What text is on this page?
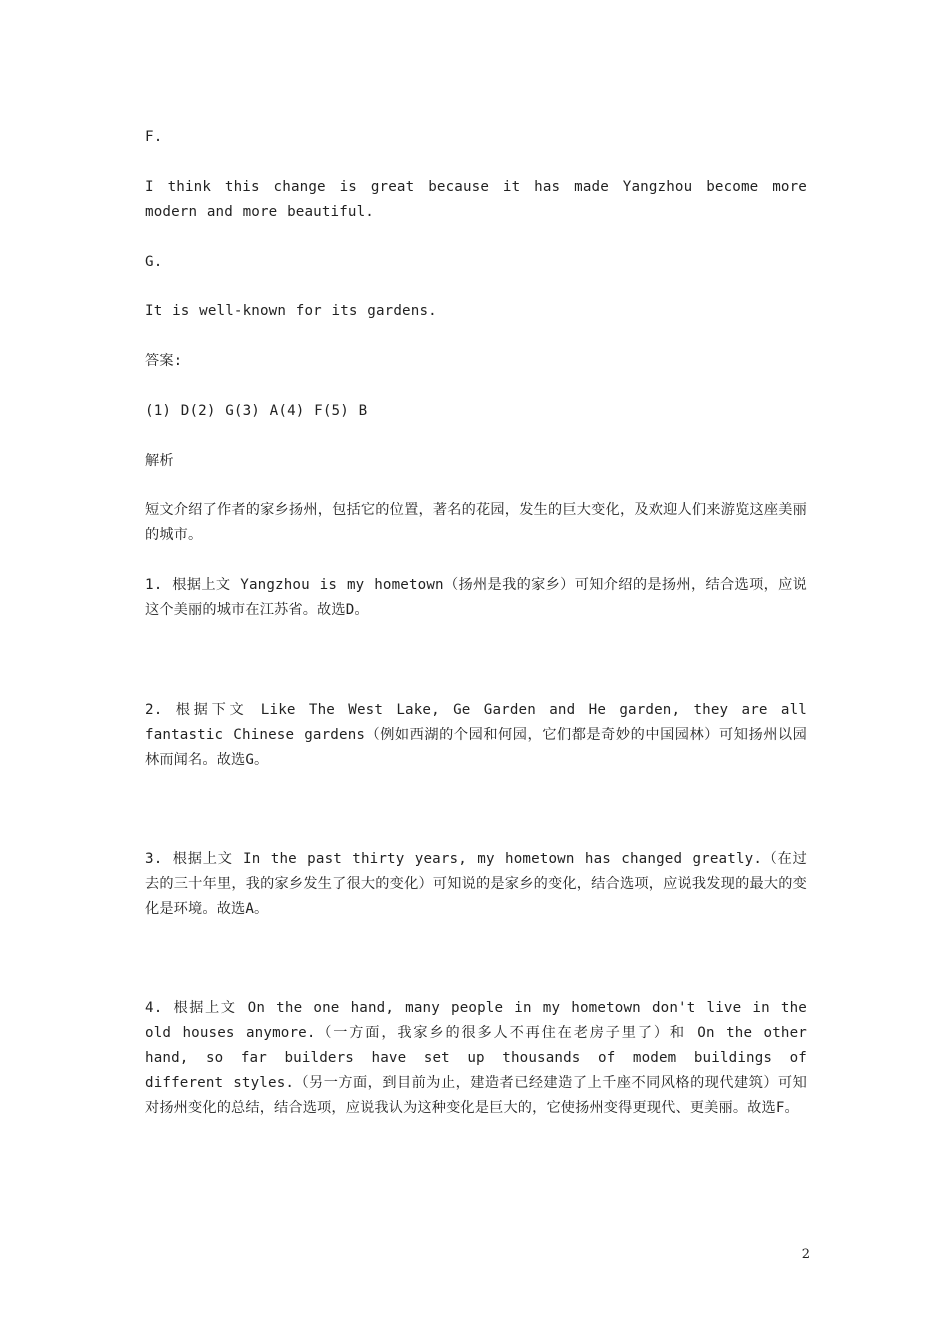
F.

I think this change is great because it has made Yangzhou become more modern and more beautiful.

G.

It is well-known for its gardens.

答案:

(1) D(2) G(3) A(4) F(5) B

解析

短文介绍了作者的家乡扬州，包括它的位置，著名的花园，发生的巨大变化，及欢迎人们来游览这座美丽的城市。

1. 根据上文 Yangzhou is my hometown（扬州是我的家乡）可知介绍的是扬州，结合选项，应说这个美丽的城市在江苏省。故选D。

2. 根据下文 Like The West Lake, Ge Garden and He garden, they are all fantastic Chinese gardens（例如西湖的个园和何园，它们都是奇妙的中国园林）可知扬州以园林而闻名。故选G。

3. 根据上文 In the past thirty years, my hometown has changed greatly.（在过去的三十年里，我的家乡发生了很大的变化）可知说的是家乡的变化，结合选项，应说我发现的最大的变化是环境。故选A。

4. 根据上文 On the one hand, many people in my hometown don't live in the old houses anymore.（一方面，我家乡的很多人不再住在老房子里了）和 On the other hand, so far builders have set up thousands of modem buildings of different styles.（另一方面，到目前为止，建造者已经建造了上千座不同风格的现代建筑）可知对扬州变化的总结，结合选项，应说我认为这种变化是巨大的，它使扬州变得更现代、更美丽。故选F。

2
